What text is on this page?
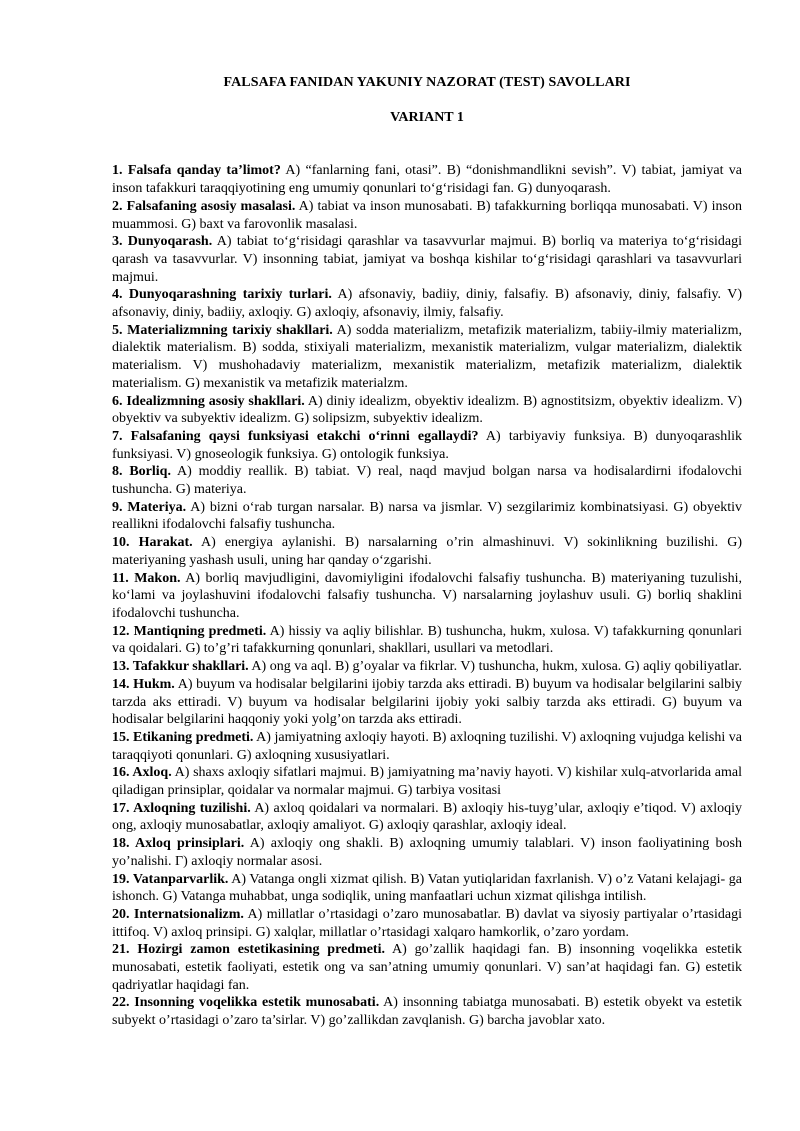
FALSAFA FANIDAN YAKUNIY NAZORAT (TEST) SAVOLLARI
VARIANT 1

1. Falsafa qanday ta’limot? A) “fanlarning fani, otasi”. B) “donishmandlikni sevish”. V) tabiat, jamiyat va inson tafakkuri taraqqiyotining eng umumiy qonunlari toʻgʻrisidagi fan. G) dunyoqarash.

2. Falsafaning asosiy masalasi. A) tabiat va inson munosabati. B) tafakkurning borliqqa munosabati. V) inson muammosi. G) baxt va farovonlik masalasi.

3. Dunyoqarash. A) tabiat toʻgʻrisidagi qarashlar va tasavvurlar majmui. B) borliq va materiya toʻgʻrisidagi qarash va tasavvurlar. V) insonning tabiat, jamiyat va boshqa kishilar toʻgʻrisidagi qarashlari va tasavvurlari majmui.

4. Dunyoqarashning tarixiy turlari. A) afsonaviy, badiiy, diniy, falsafiy. B) afsonaviy, diniy, falsafiy. V) afsonaviy, diniy, badiiy, axloqiy. G) axloqiy, afsonaviy, ilmiy, falsafiy.

5. Materializmning tarixiy shakllari. A) sodda materializm, metafizik materializm, tabiiy-ilmiy materializm, dialektik materialism. B) sodda, stixiyali materializm, mexanistik materializm, vulgar materializm, dialektik materialism. V) mushohadaviy materializm, mexanistik materializm, metafizik materializm, dialektik materialism. G) mexanistik va metafizik materialzm.

6. Idealizmning asosiy shakllari. A) diniy idealizm, obyektiv idealizm. B) agnostitsizm, obyektiv idealizm. V) obyektiv va subyektiv idealizm. G) solipsizm, subyektiv idealizm.

7. Falsafaning qaysi funksiyasi etakchi oʻrinni egallaydi? A) tarbiyaviy funksiya. B) dunyoqarashlik funksiyasi. V) gnoseologik funksiya. G) ontologik funksiya.

8. Borliq. A) moddiy reallik. B) tabiat. V) real, naqd mavjud bolgan narsa va hodisalardirni ifodalovchi tushuncha. G) materiya.

9. Materiya. A) bizni oʻrab turgan narsalar. B) narsa va jismlar. V) sezgilarimiz kombinatsiyasi. G) obyektiv reallikni ifodalovchi falsafiy tushuncha.

10. Harakat. A) energiya aylanishi. B) narsalarning o’rin almashinuvi. V) sokinlikning buzilishi. G) materiyaning yashash usuli, uning har qanday oʻzgarishi.

11. Makon. A) borliq mavjudligini, davomiyligini ifodalovchi falsafiy tushuncha. B) materiyaning tuzulishi, koʻlami va joylashuvini ifodalovchi falsafiy tushuncha. V) narsalarning joylashuv usuli. G) borliq shaklini ifodalovchi tushuncha.

12. Mantiqning predmeti. A) hissiy va aqliy bilishlar. B) tushuncha, hukm, xulosa. V) tafakkurning qonunlari va qoidalari. G) to’g’ri tafakkurning qonunlari, shakllari, usullari va metodlari.

13. Tafakkur shakllari. A) ong va aql. B) g’oyalar va fikrlar. V) tushuncha, hukm, xulosa. G) aqliy qobiliyatlar.

14. Hukm. A) buyum va hodisalar belgilarini ijobiy tarzda aks ettiradi. B) buyum va hodisalar belgilarini salbiy tarzda aks ettiradi. V) buyum va hodisalar belgilarini ijobiy yoki salbiy tarzda aks ettiradi. G) buyum va hodisalar belgilarini haqqoniy yoki yolg’on tarzda aks ettiradi.

15. Etikaning predmeti. A) jamiyatning axloqiy hayoti. B) axloqning tuzilishi. V) axloqning vujudga kelishi va taraqqiyoti qonunlari. G) axloqning xususiyatlari.

16. Axloq. A) shaxs axloqiy sifatlari majmui. B) jamiyatning ma’naviy hayoti. V) kishilar xulq-atvorlarida amal qiladigan prinsiplar, qoidalar va normalar majmui. G) tarbiya vositasi

17. Axloqning tuzilishi. A) axloq qoidalari va normalari. B) axloqiy his-tuyg’ular, axloqiy e’tiqod. V) axloqiy ong, axloqiy munosabatlar, axloqiy amaliyot. G) axloqiy qarashlar, axloqiy ideal.

18. Axloq prinsiplari. A) axloqiy ong shakli. B) axloqning umumiy talablari. V) inson faoliyatining bosh yo’nalishi. Γ) axloqiy normalar asosi.

19. Vatanparvarlik. A) Vatanga ongli xizmat qilish. B) Vatan yutiqlaridan faxrlanish. V) o’z Vatani kelajagi- ga ishonch. G) Vatanga muhabbat, unga sodiqlik, uning manfaatlari uchun xizmat qilishga intilish.

20. Internatsionalizm. A) millatlar o’rtasidagi o’zaro munosabatlar. B) davlat va siyosiy partiyalar o’rtasidagi ittifoq. V) axloq prinsipi. G) xalqlar, millatlar o’rtasidagi xalqaro hamkorlik, o’zaro yordam.

21. Hozirgi zamon estetikasining predmeti. A) go’zallik haqidagi fan. B) insonning voqelikka estetik munosabati, estetik faoliyati, estetik ong va san’atning umumiy qonunlari. V) san’at haqidagi fan. G) estetik qadriyatlar haqidagi fan.

22. Insonning voqelikka estetik munosabati. A) insonning tabiatga munosabati. B) estetik obyekt va estetik subyekt o’rtasidagi o’zaro ta’sirlar. V) go’zallikdan zavqlanish. G) barcha javoblar xato.
